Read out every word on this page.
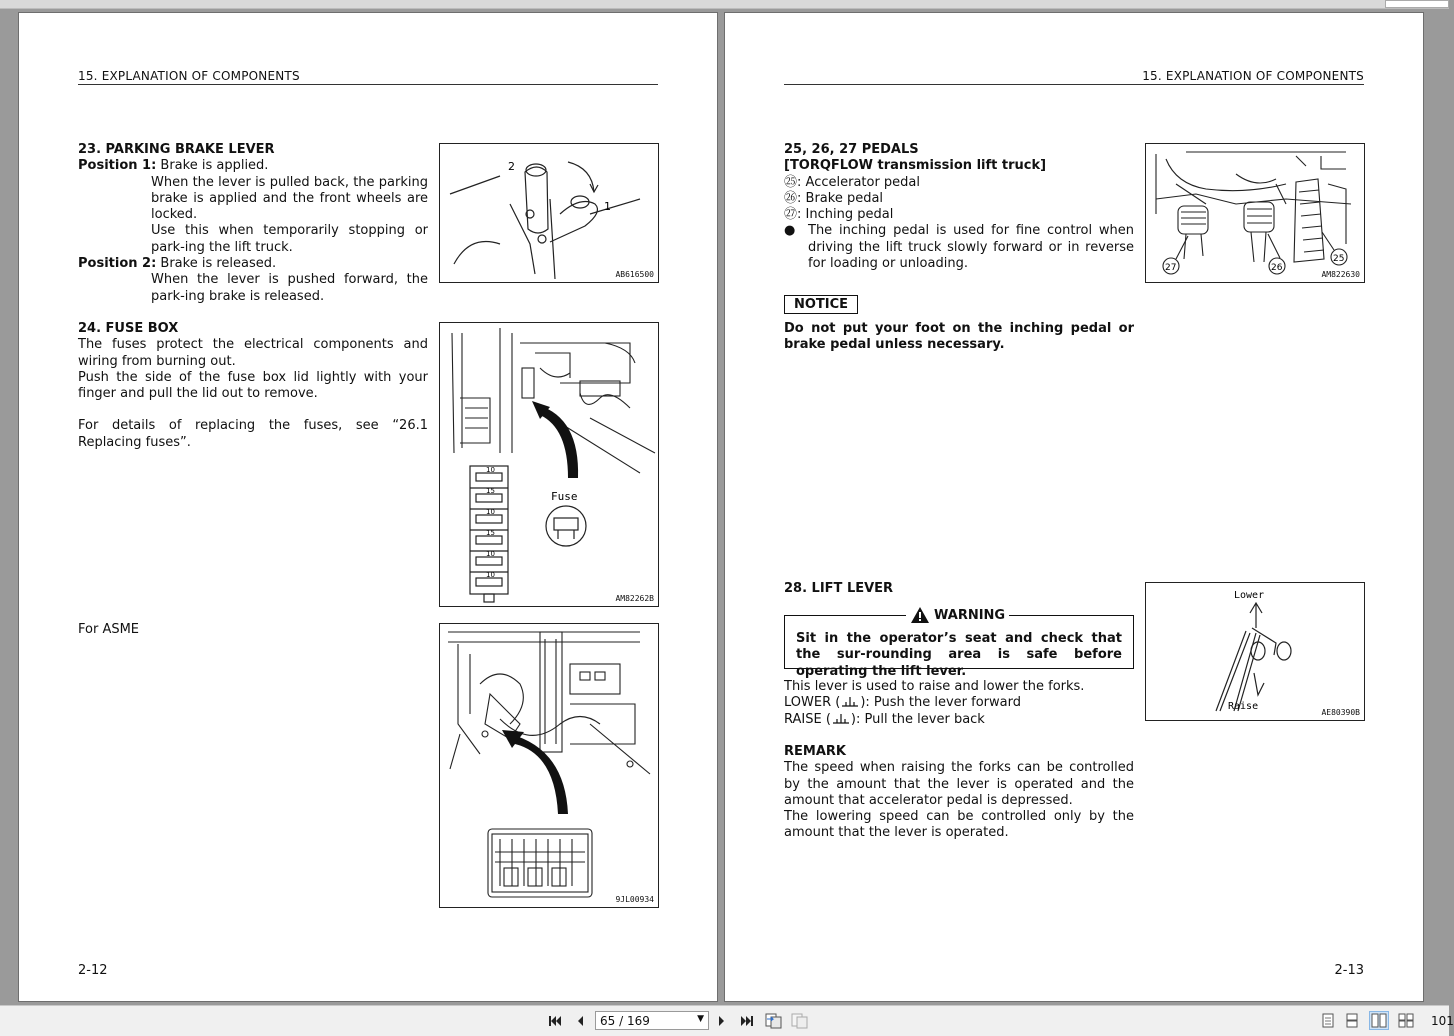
15. EXPLANATION OF COMPONENTS
23. PARKING BRAKE LEVER
Position 1: Brake is applied.
When the lever is pulled back, the parking brake is applied and the front wheels are locked.
Use this when temporarily stopping or park-ing the lift truck.
Position 2: Brake is released.
When the lever is pushed forward, the park-ing brake is released.
2
1
AB616500
24. FUSE BOX
The fuses protect the electrical components and wiring from burning out.
Push the side of the fuse box lid lightly with your finger and pull the lid out to remove.
For details of replacing the fuses, see “26.1 Replacing fuses”.
10
15
10
15
10
10
Fuse
AM82262B
For ASME
9JL00934
2-12
15. EXPLANATION OF COMPONENTS
25, 26, 27 PEDALS
[TORQFLOW transmission lift truck]
㉕: Accelerator pedal
㉖: Brake pedal
㉗: Inching pedal
● The inching pedal is used for fine control when driving the lift truck slowly forward or in reverse for loading or unloading.	27	26
25
AM822630
NOTICE
Do not put your foot on the inching pedal or brake pedal unless necessary.
28. LIFT LEVER
Sit in the operator’s seat and check that the sur-rounding area is safe before operating the lift lever.
WARNING
This lever is used to raise and lower the forks.
LOWER ( ): Push the lever forward
RAISE ( ): Pull the lever back
Lower
Raise
AE80390B
REMARK
The speed when raising the forks can be controlled by the amount that the lever is operated and the amount that accelerator pedal is depressed.
The lowering speed can be controlled only by the amount that the lever is operated.
2-13
65 / 169	▼	101
